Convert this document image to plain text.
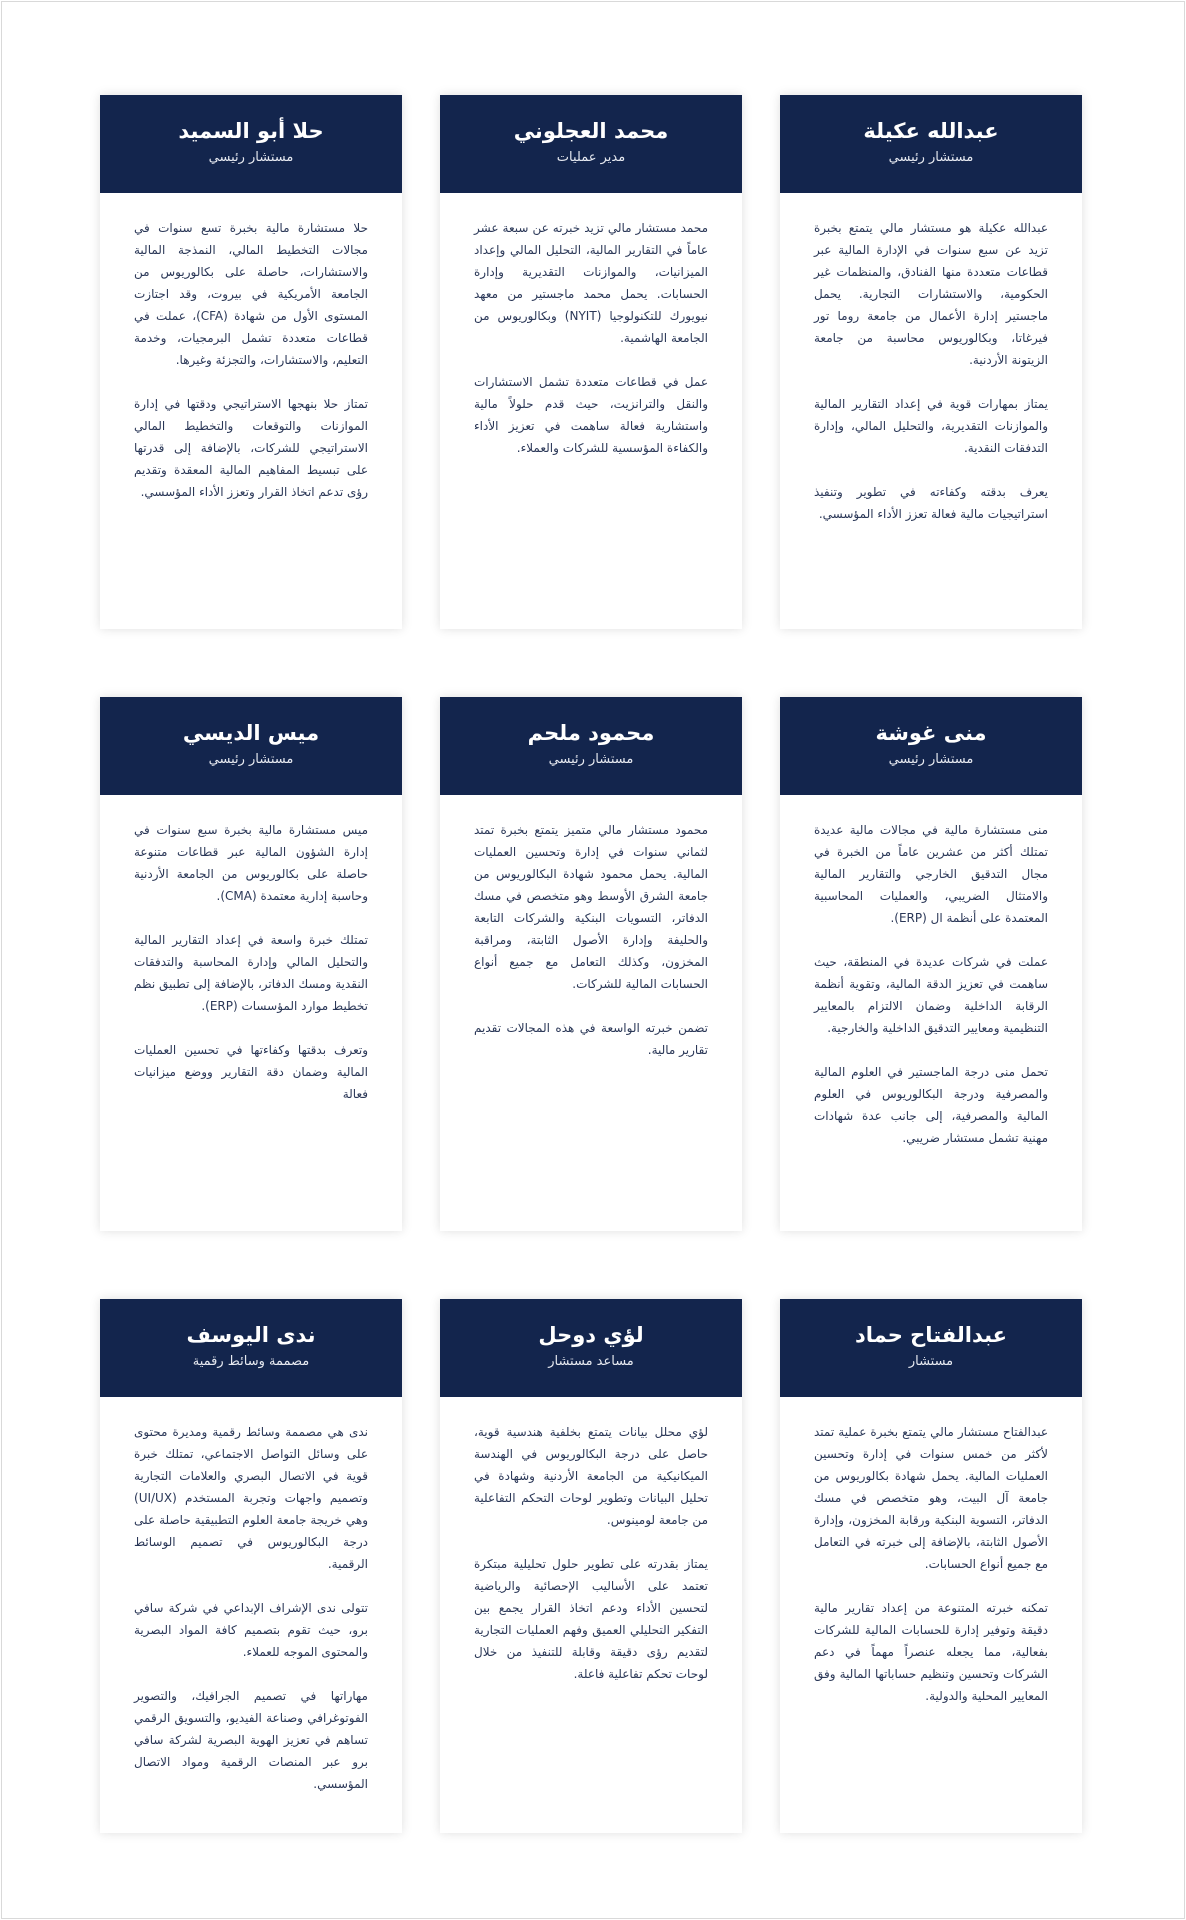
عبدالله عكيلة
مستشار رئيسي

عبدالله عكيلة هو مستشار مالي يتمتع بخبرة تزيد عن سبع سنوات في الإدارة المالية عبر قطاعات متعددة منها الفنادق، والمنظمات غير الحكومية، والاستشارات التجارية. يحمل ماجستير إدارة الأعمال من جامعة روما تور فيرغاتا، وبكالوريوس محاسبة من جامعة الزيتونة الأردنية.

يمتاز بمهارات قوية في إعداد التقارير المالية والموازنات التقديرية، والتحليل المالي، وإدارة التدفقات النقدية.

يعرف بدقته وكفاءته في تطوير وتنفيذ استراتيجيات مالية فعالة تعزز الأداء المؤسسي.

محمد العجلوني
مدير عمليات

محمد مستشار مالي تزيد خبرته عن سبعة عشر عاماً في التقارير المالية، التحليل المالي وإعداد الميزانيات، والموازنات التقديرية وإدارة الحسابات. يحمل محمد ماجستير من معهد نيويورك للتكنولوجيا (NYIT) وبكالوريوس من الجامعة الهاشمية.

عمل في قطاعات متعددة تشمل الاستشارات والنقل والترانزيت، حيث قدم حلولاً مالية واستشارية فعالة ساهمت في تعزيز الأداء والكفاءة المؤسسية للشركات والعملاء.

حلا أبو السميد
مستشار رئيسي

حلا مستشارة مالية بخبرة تسع سنوات في مجالات التخطيط المالي، النمذجة المالية والاستشارات، حاصلة على بكالوريوس من الجامعة الأمريكية في بيروت، وقد اجتازت المستوى الأول من شهادة (CFA)، عملت في قطاعات متعددة تشمل البرمجيات، وخدمة التعليم، والاستشارات، والتجزئة وغيرها.

تمتاز حلا بنهجها الاستراتيجي ودقتها في إدارة الموازنات والتوقعات والتخطيط المالي الاستراتيجي للشركات، بالإضافة إلى قدرتها على تبسيط المفاهيم المالية المعقدة وتقديم رؤى تدعم اتخاذ القرار وتعزز الأداء المؤسسي.

منى غوشة
مستشار رئيسي

منى مستشارة مالية في مجالات مالية عديدة تمتلك أكثر من عشرين عاماً من الخبرة في مجال التدقيق الخارجي والتقارير المالية والامتثال الضريبي، والعمليات المحاسبية المعتمدة على أنظمة ال (ERP).

عملت في شركات عديدة في المنطقة، حيث ساهمت في تعزيز الدقة المالية، وتقوية أنظمة الرقابة الداخلية وضمان الالتزام بالمعايير التنظيمية ومعايير التدقيق الداخلية والخارجية.

تحمل منى درجة الماجستير في العلوم المالية والمصرفية ودرجة البكالوريوس في العلوم المالية والمصرفية، إلى جانب عدة شهادات مهنية تشمل مستشار ضريبي.

محمود ملحم
مستشار رئيسي

محمود مستشار مالي متميز يتمتع بخبرة تمتد لثماني سنوات في إدارة وتحسين العمليات المالية. يحمل محمود شهادة البكالوريوس من جامعة الشرق الأوسط وهو متخصص في مسك الدفاتر، التسويات البنكية والشركات التابعة والحليفة وإدارة الأصول الثابتة، ومراقبة المخزون، وكذلك التعامل مع جميع أنواع الحسابات المالية للشركات.

تضمن خبرته الواسعة في هذه المجالات تقديم تقارير مالية.

ميس الديسي
مستشار رئيسي

ميس مستشارة مالية بخبرة سبع سنوات في إدارة الشؤون المالية عبر قطاعات متنوعة حاصلة على بكالوريوس من الجامعة الأردنية وحاسبة إدارية معتمدة (CMA).

تمتلك خبرة واسعة في إعداد التقارير المالية والتحليل المالي وإدارة المحاسبة والتدفقات النقدية ومسك الدفاتر، بالإضافة إلى تطبيق نظم تخطيط موارد المؤسسات (ERP).

وتعرف بدقتها وكفاءتها في تحسين العمليات المالية وضمان دقة التقارير ووضع ميزانيات فعالة

عبدالفتاح حماد
مستشار

عبدالفتاح مستشار مالي يتمتع بخبرة عملية تمتد لأكثر من خمس سنوات في إدارة وتحسين العمليات المالية. يحمل شهادة بكالوريوس من جامعة آل البيت، وهو متخصص في مسك الدفاتر، التسوية البنكية ورقابة المخزون، وإدارة الأصول الثابتة، بالإضافة إلى خبرته في التعامل مع جميع أنواع الحسابات.

تمكنه خبرته المتنوعة من إعداد تقارير مالية دقيقة وتوفير إدارة للحسابات المالية للشركات بفعالية، مما يجعله عنصراً مهماً في دعم الشركات وتحسين وتنظيم حساباتها المالية وفق المعايير المحلية والدولية.

لؤي دوحل
مساعد مستشار

لؤي محلل بيانات يتمتع بخلفية هندسية قوية، حاصل على درجة البكالوريوس في الهندسة الميكانيكية من الجامعة الأردنية وشهادة في تحليل البيانات وتطوير لوحات التحكم التفاعلية من جامعة لومينوس.

يمتاز بقدرته على تطوير حلول تحليلية مبتكرة تعتمد على الأساليب الإحصائية والرياضية لتحسين الأداء ودعم اتخاذ القرار يجمع بين التفكير التحليلي العميق وفهم العمليات التجارية لتقديم رؤى دقيقة وقابلة للتنفيذ من خلال لوحات تحكم تفاعلية فاعلة.

ندى اليوسف
مصممة وسائط رقمية

ندى هي مصممة وسائط رقمية ومديرة محتوى على وسائل التواصل الاجتماعي، تمتلك خبرة قوية في الاتصال البصري والعلامات التجارية وتصميم واجهات وتجربة المستخدم (UI/UX) وهي خريجة جامعة العلوم التطبيقية حاصلة على درجة البكالوريوس في تصميم الوسائط الرقمية.

تتولى ندى الإشراف الإبداعي في شركة سافي برو، حيث تقوم بتصميم كافة المواد البصرية والمحتوى الموجه للعملاء.

مهاراتها في تصميم الجرافيك، والتصوير الفوتوغرافي وصناعة الفيديو، والتسويق الرقمي تساهم في تعزيز الهوية البصرية لشركة سافي برو عبر المنصات الرقمية ومواد الاتصال المؤسسي.
